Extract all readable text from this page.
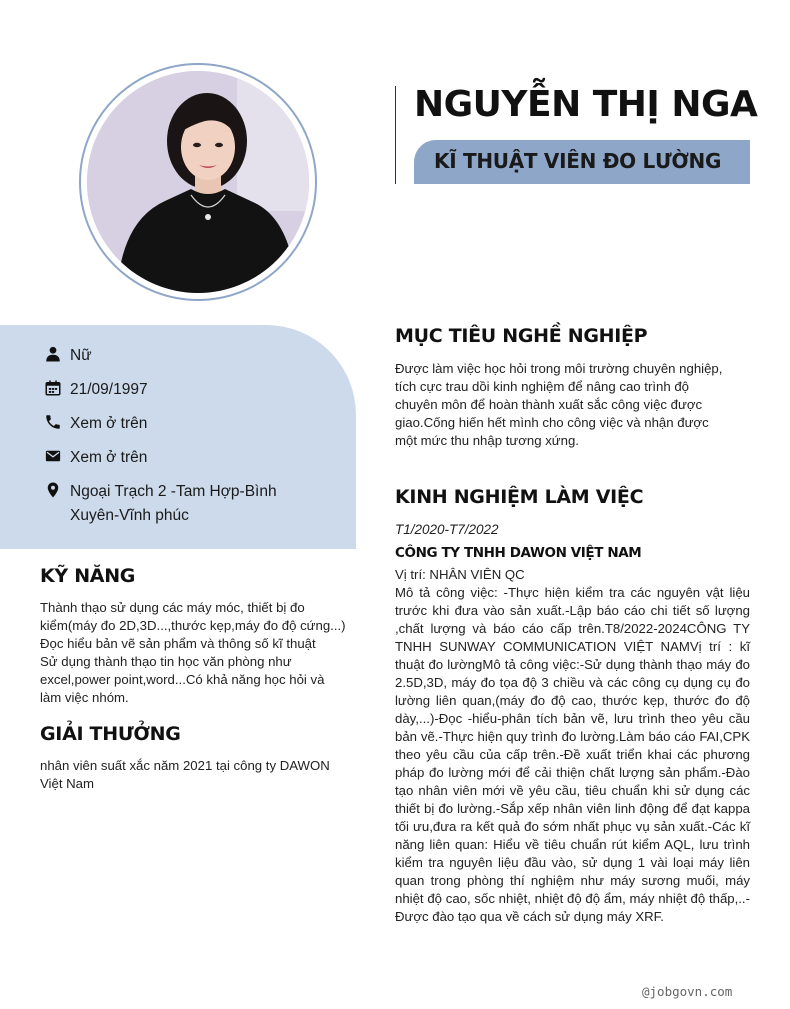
NGUYỄN THỊ NGA
KĨ THUẬT VIÊN ĐO LƯỜNG
Nữ
21/09/1997
Xem ở trên
Xem ở trên
Ngoại Trạch 2 -Tam Hợp-Bình
Xuyên-Vĩnh phúc
KỸ NĂNG
Thành thạo sử dụng các máy móc, thiết bị đo
kiểm(máy đo 2D,3D...,thước kẹp,máy đo độ cứng...)
Đọc hiểu bản vẽ sản phẩm và thông số kĩ thuật
Sử dụng thành thạo tin học văn phòng như
excel,power point,word...Có khả năng học hỏi và
làm việc nhóm.
GIẢI THƯỞNG
nhân viên suất xắc năm 2021 tại công ty DAWON
Việt Nam
MỤC TIÊU NGHỀ NGHIỆP
Được làm việc học hỏi trong môi trường chuyên nghiệp,
tích cực trau dồi kinh nghiệm để nâng cao trình độ
chuyên môn để hoàn thành xuất sắc công việc được
giao.Cống hiến hết mình cho công việc và nhận được
một mức thu nhập tương xứng.
KINH NGHIỆM LÀM VIỆC
T1/2020-T7/2022
CÔNG TY TNHH DAWON VIỆT NAM
Vị trí: NHÂN VIÊN QC
Mô tả công việc: -Thực hiện kiểm tra các nguyên vật liệu trước khi đưa vào sản xuất.-Lập báo cáo chi tiết số lượng ,chất lượng và báo cáo cấp trên.T8/2022-2024CÔNG TY TNHH SUNWAY COMMUNICATION VIỆT NAMVị trí : kĩ thuật đo lườngMô tả công việc:-Sử dụng thành thạo máy đo 2.5D,3D, máy đo tọa độ 3 chiều và các công cụ dụng cụ đo lường liên quan,(máy đo độ cao, thước kẹp, thước đo độ dày,...)-Đọc -hiểu-phân tích bản vẽ, lưu trình theo yêu cầu bản vẽ.-Thực hiện quy trình đo lường.Làm báo cáo FAI,CPK theo yêu cầu của cấp trên.-Đề xuất triển khai các phương pháp đo lường mới để cải thiện chất lượng sản phẩm.-Đào tạo nhân viên mới về yêu cầu, tiêu chuẩn khi sử dụng các thiết bị đo lường.-Sắp xếp nhân viên linh động để đạt kappa tối ưu,đưa ra kết quả đo sớm nhất phục vụ sản xuất.-Các kĩ năng liên quan: Hiểu về tiêu chuẩn rút kiểm AQL, lưu trình kiểm tra nguyên liệu đầu vào, sử dụng 1 vài loại máy liên quan trong phòng thí nghiệm như máy sương muối, máy nhiệt độ cao, sốc nhiệt, nhiệt độ độ ẩm, máy nhiệt độ thấp,..-Được đào tạo qua về cách sử dụng máy XRF.
@jobgovn.com
